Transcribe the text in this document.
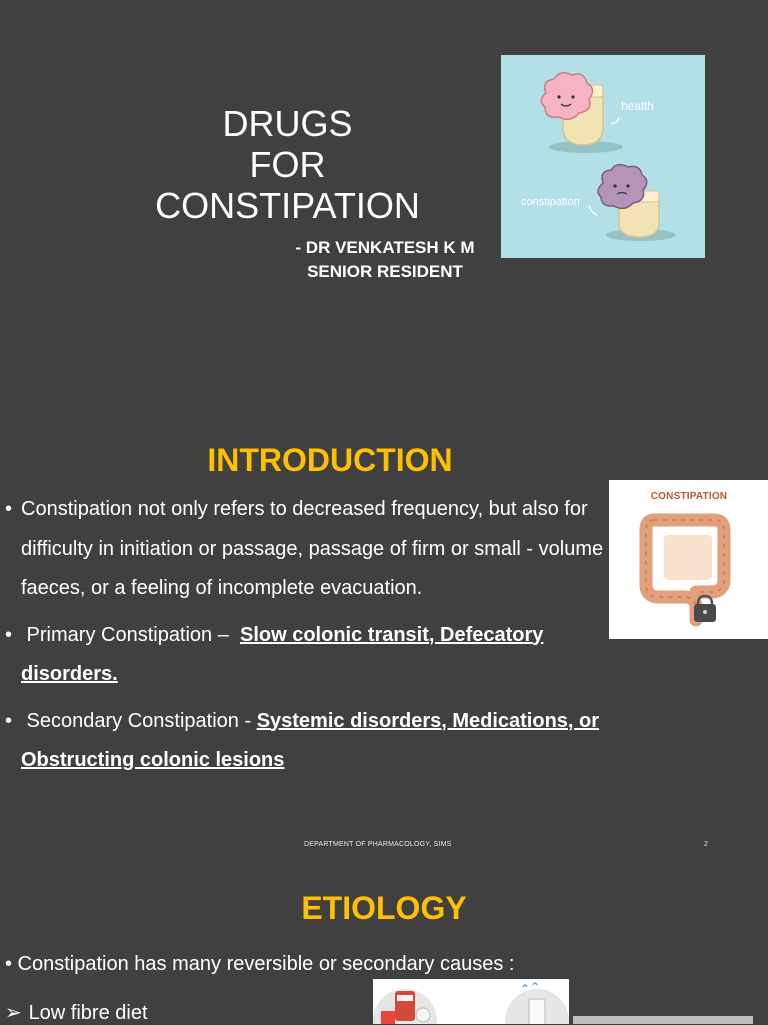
DRUGS
FOR
CONSTIPATION
- DR VENKATESH K M
SENIOR RESIDENT
health
constipation
INTRODUCTION
CONSTIPATION
• Constipation not only refers to decreased frequency, but also for difficulty in initiation or passage, passage of firm or small - volume faeces, or a feeling of incomplete evacuation.
• Primary Constipation –  Slow colonic transit, Defecatory disorders.
• Secondary Constipation - Systemic disorders, Medications, or Obstructing colonic lesions
DEPARTMENT OF PHARMACOLOGY, SIMS	2
ETIOLOGY
• Constipation has many reversible or secondary causes :
➢ Low fibre diet
